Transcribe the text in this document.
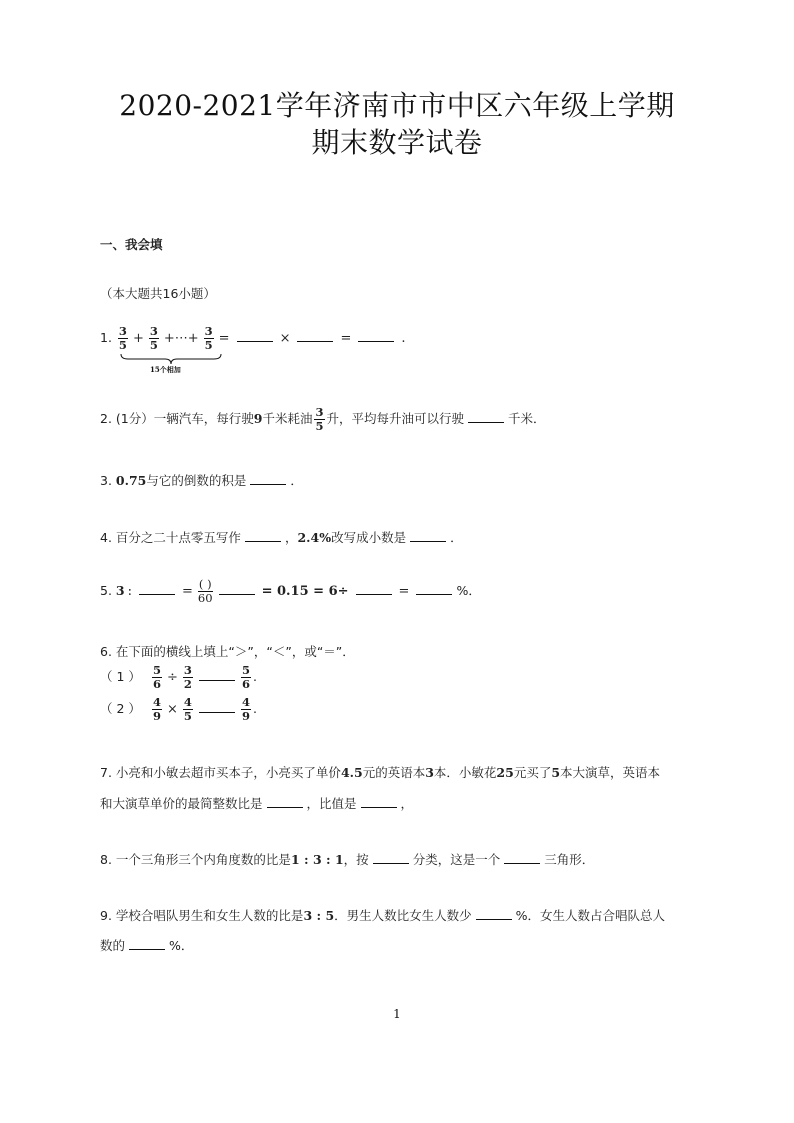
2020-2021学年济南市市中区六年级上学期
期末数学试卷
一、我会填
（本大题共16小题）
1. $\frac{3}{5} + \frac{3}{5}$ +⋯+ $\frac{3}{5}$ =	×	=	.
15个相加
2. (1分）一辆汽车，每行驶9千米耗油 $\frac{3}{5}$ 升，平均每升油可以行驶	千米．
3. 0.75与它的倒数的积是	．
4. 百分之二十点零五写作	，2.4%改写成小数是	．
5. 3 :	= ( )
60	= 0.15 = 6÷	=	%．
6. 在下面的横线上填上“＞”，“＜”，或“＝”．
（ 1 ） $\frac{5}{6} \div \frac{3}{2}$	$\frac{5}{6}$ .
（ 2 ） $\frac{4}{9} \times \frac{4}{5}$	$\frac{4}{9}$ .
7. 小亮和小敏去超市买本子，小亮买了单价4.5元的英语本3本．小敏花25元买了5本大演草，英语本
和大演草单价的最简整数比是	，比值是	，
8. 一个三角形三个内角度数的比是1 : 3 : 1，按	分类，这是一个	三角形．
9. 学校合唱队男生和女生人数的比是3 : 5．男生人数比女生人数少	%．女生人数占合唱队总人
数的	%．
1
